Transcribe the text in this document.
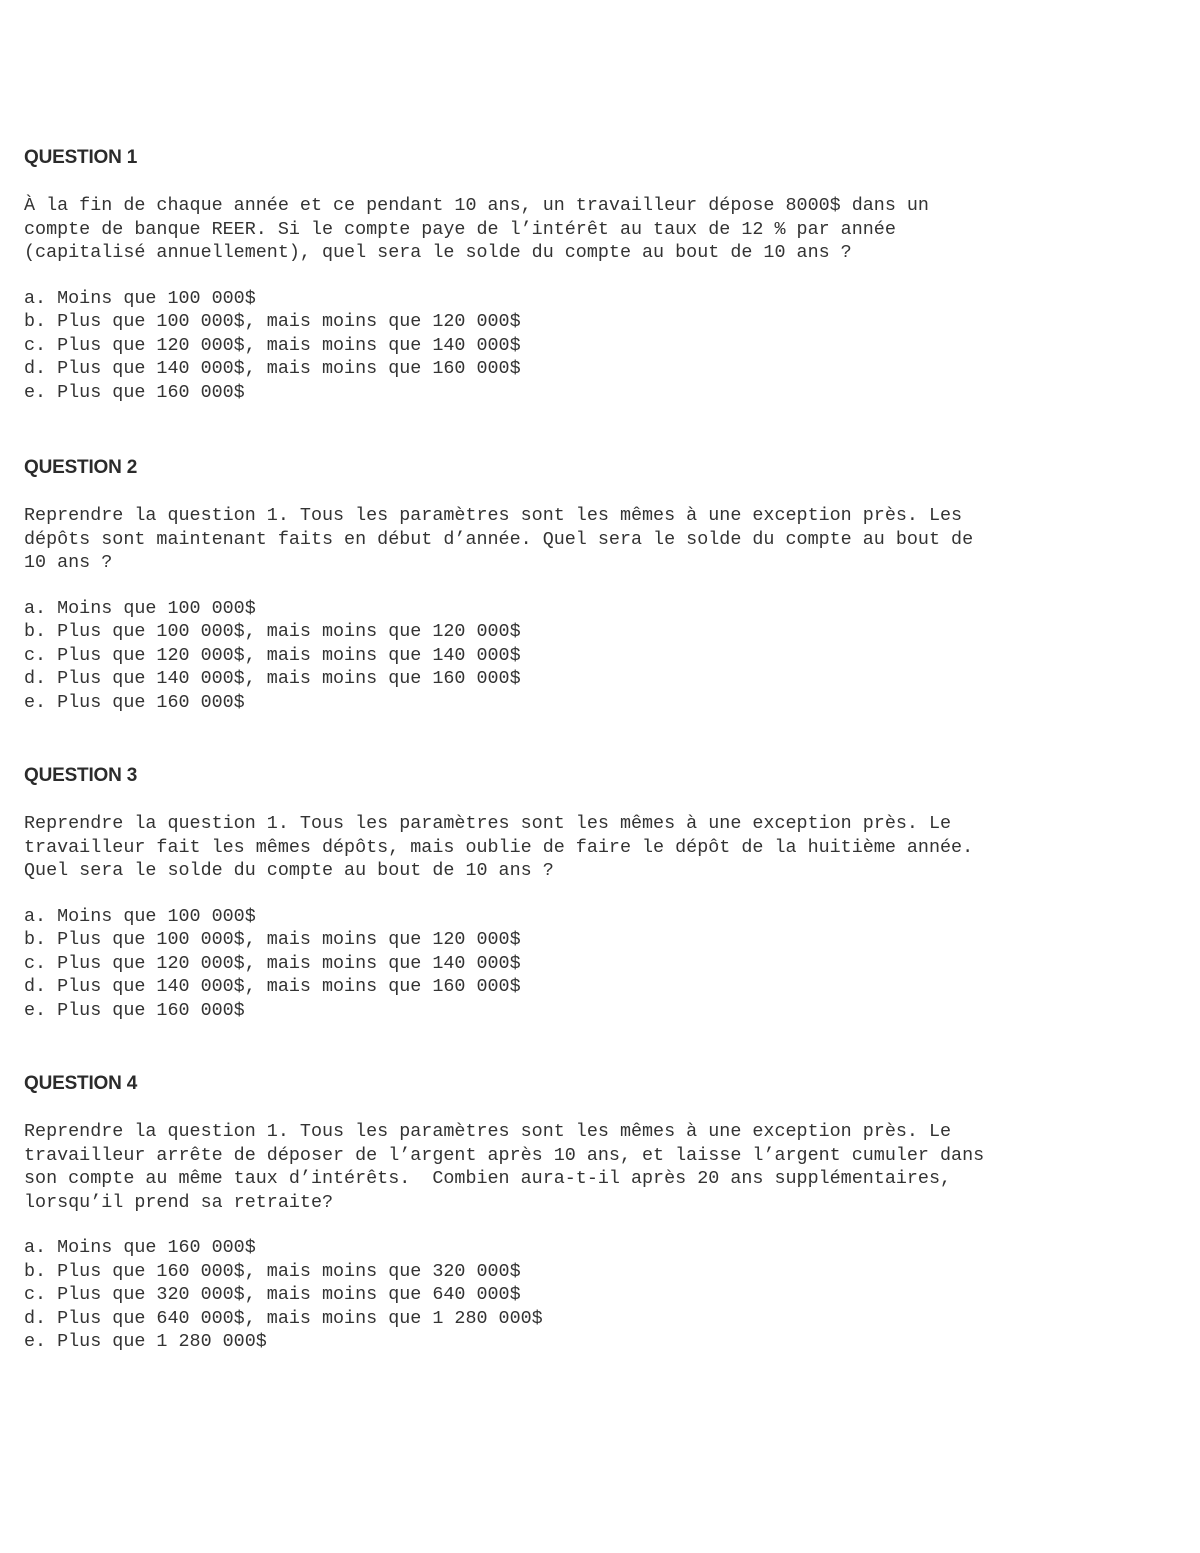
QUESTION 1
À la fin de chaque année et ce pendant 10 ans, un travailleur dépose 8000$ dans un
compte de banque REER. Si le compte paye de l’intérêt au taux de 12 % par année
(capitalisé annuellement), quel sera le solde du compte au bout de 10 ans ?
a. Moins que 100 000$
b. Plus que 100 000$, mais moins que 120 000$
c. Plus que 120 000$, mais moins que 140 000$
d. Plus que 140 000$, mais moins que 160 000$
e. Plus que 160 000$
QUESTION 2
Reprendre la question 1. Tous les paramètres sont les mêmes à une exception près. Les
dépôts sont maintenant faits en début d’année. Quel sera le solde du compte au bout de
10 ans ?
a. Moins que 100 000$
b. Plus que 100 000$, mais moins que 120 000$
c. Plus que 120 000$, mais moins que 140 000$
d. Plus que 140 000$, mais moins que 160 000$
e. Plus que 160 000$
QUESTION 3
Reprendre la question 1. Tous les paramètres sont les mêmes à une exception près. Le
travailleur fait les mêmes dépôts, mais oublie de faire le dépôt de la huitième année.
Quel sera le solde du compte au bout de 10 ans ?
a. Moins que 100 000$
b. Plus que 100 000$, mais moins que 120 000$
c. Plus que 120 000$, mais moins que 140 000$
d. Plus que 140 000$, mais moins que 160 000$
e. Plus que 160 000$
QUESTION 4
Reprendre la question 1. Tous les paramètres sont les mêmes à une exception près. Le
travailleur arrête de déposer de l’argent après 10 ans, et laisse l’argent cumuler dans
son compte au même taux d’intérêts.  Combien aura-t-il après 20 ans supplémentaires,
lorsqu’il prend sa retraite?
a. Moins que 160 000$
b. Plus que 160 000$, mais moins que 320 000$
c. Plus que 320 000$, mais moins que 640 000$
d. Plus que 640 000$, mais moins que 1 280 000$
e. Plus que 1 280 000$
